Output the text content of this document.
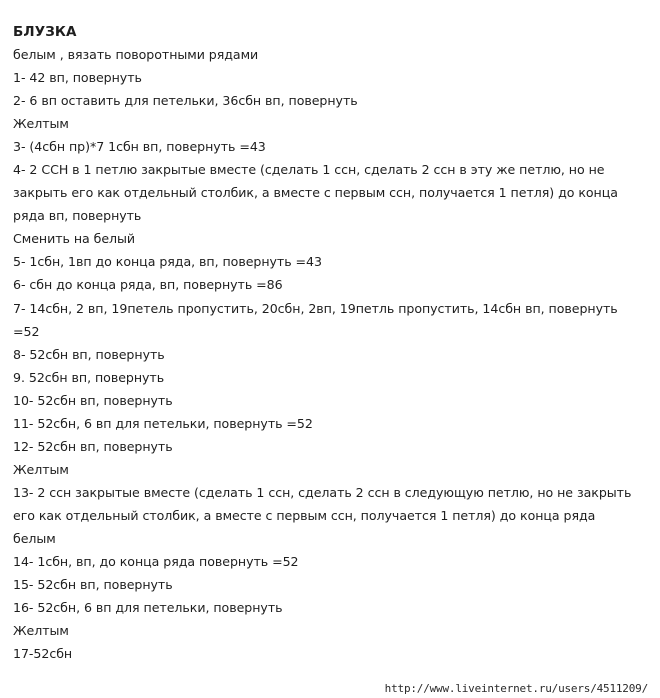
БЛУЗКА
белым , вязать поворотными рядами
1- 42 вп, повернуть
2- 6 вп оставить для петельки, 36сбн вп, повернуть
Желтым
3- (4сбн пр)*7 1сбн вп, повернуть =43
4- 2 ССН в 1 петлю закрытые вместе (сделать 1 ссн, сделать 2 ссн в эту же петлю, но не
закрыть его как отдельный столбик, а вместе с первым ссн, получается 1 петля) до конца
ряда вп, повернуть
Сменить на белый
5- 1сбн, 1вп до конца ряда, вп, повернуть =43
6- сбн до конца ряда, вп, повернуть =86
7- 14сбн, 2 вп, 19петель пропустить, 20сбн, 2вп, 19петль пропустить, 14сбн вп, повернуть
=52
8- 52сбн вп, повернуть
9. 52сбн вп, повернуть
10- 52сбн вп, повернуть
11- 52сбн, 6 вп для петельки, повернуть =52
12- 52сбн вп, повернуть
Желтым
13- 2 ссн закрытые вместе (сделать 1 ссн, сделать 2 ссн в следующую петлю, но не закрыть
его как отдельный столбик, а вместе с первым ссн, получается 1 петля) до конца ряда
белым
14- 1сбн, вп, до конца ряда повернуть =52
15- 52сбн вп, повернуть
16- 52сбн, 6 вп для петельки, повернуть
Желтым
17-52сбн
http://www.liveinternet.ru/users/4511209/
